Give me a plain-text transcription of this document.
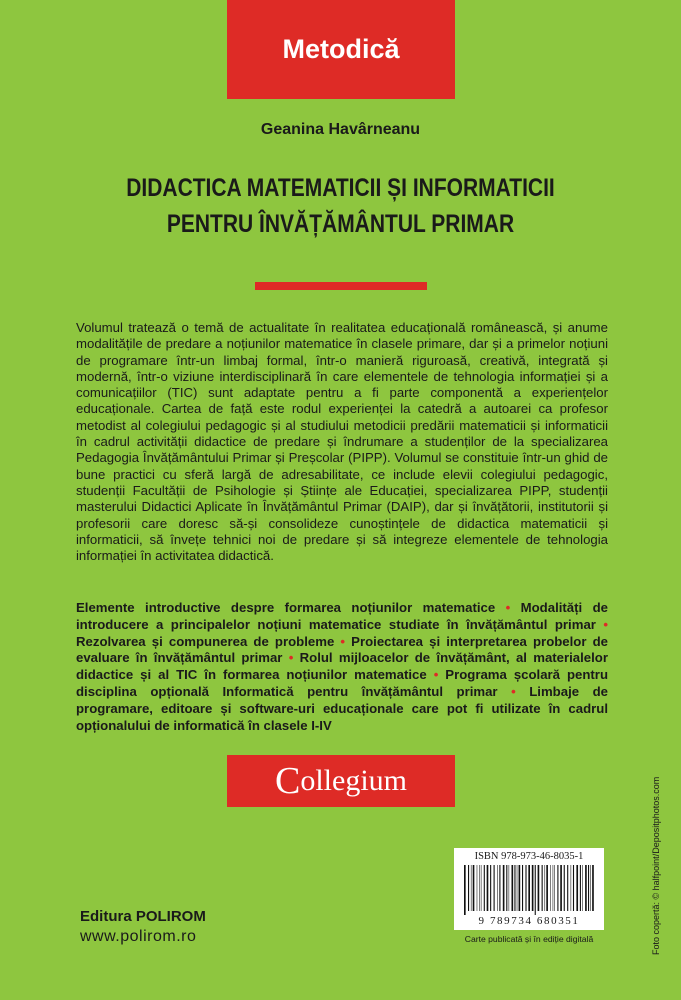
Metodică
Geanina Havârneanu
DIDACTICA MATEMATICII ȘI INFORMATICII
PENTRU ÎNVĂȚĂMÂNTUL PRIMAR

Volumul tratează o temă de actualitate în realitatea educațională românească, și anume modalitățile de predare a noțiunilor matematice în clasele primare, dar și a primelor noțiuni de programare într-un limbaj formal, într-o manieră riguroasă, creativă, integrată și modernă, într-o viziune interdisciplinară în care elementele de tehnologia informației și a comunicațiilor (TIC) sunt adaptate pentru a fi parte componentă a experiențelor educaționale. Cartea de față este rodul experienței la catedră a autoarei ca profesor metodist al colegiului pedagogic și al studiului metodicii predării matematicii și informaticii în cadrul activității didactice de predare și îndrumare a studenților de la specializarea Pedagogia Învățământului Primar și Preșcolar (PIPP). Volumul se constituie într-un ghid de bune practici cu sferă largă de adresabilitate, ce include elevii colegiului pedagogic, studenții Facultății de Psihologie și Științe ale Educației, specializarea PIPP, studenții masterului Didactici Aplicate în Învățământul Primar (DAIP), dar și învățătorii, institutorii și profesorii care doresc să-și consolideze cunoștințele de didactica matematicii și informaticii, să învețe tehnici noi de predare și să integreze elementele de tehnologia informației în activitatea didactică.

Elemente introductive despre formarea noțiunilor matematice • Modalități de introducere a principalelor noțiuni matematice studiate în învățământul primar • Rezolvarea și compunerea de probleme • Proiectarea și interpretarea probelor de evaluare în învățământul primar • Rolul mijloacelor de învățământ, al materialelor didactice și al TIC în formarea noțiunilor matematice • Programa școlară pentru disciplina opțională Informatică pentru învățământul primar • Limbaje de programare, editoare și software-uri educaționale care pot fi utilizate în cadrul opționalului de informatică în clasele I-IV

C ollegium	Foto copertă: © halfpoint/Depositphotos.com
ISBN 978-973-46-8035-1
9 789734 680351
Carte publicată și în ediție digitală
Editura POLIROM
www.polirom.ro
